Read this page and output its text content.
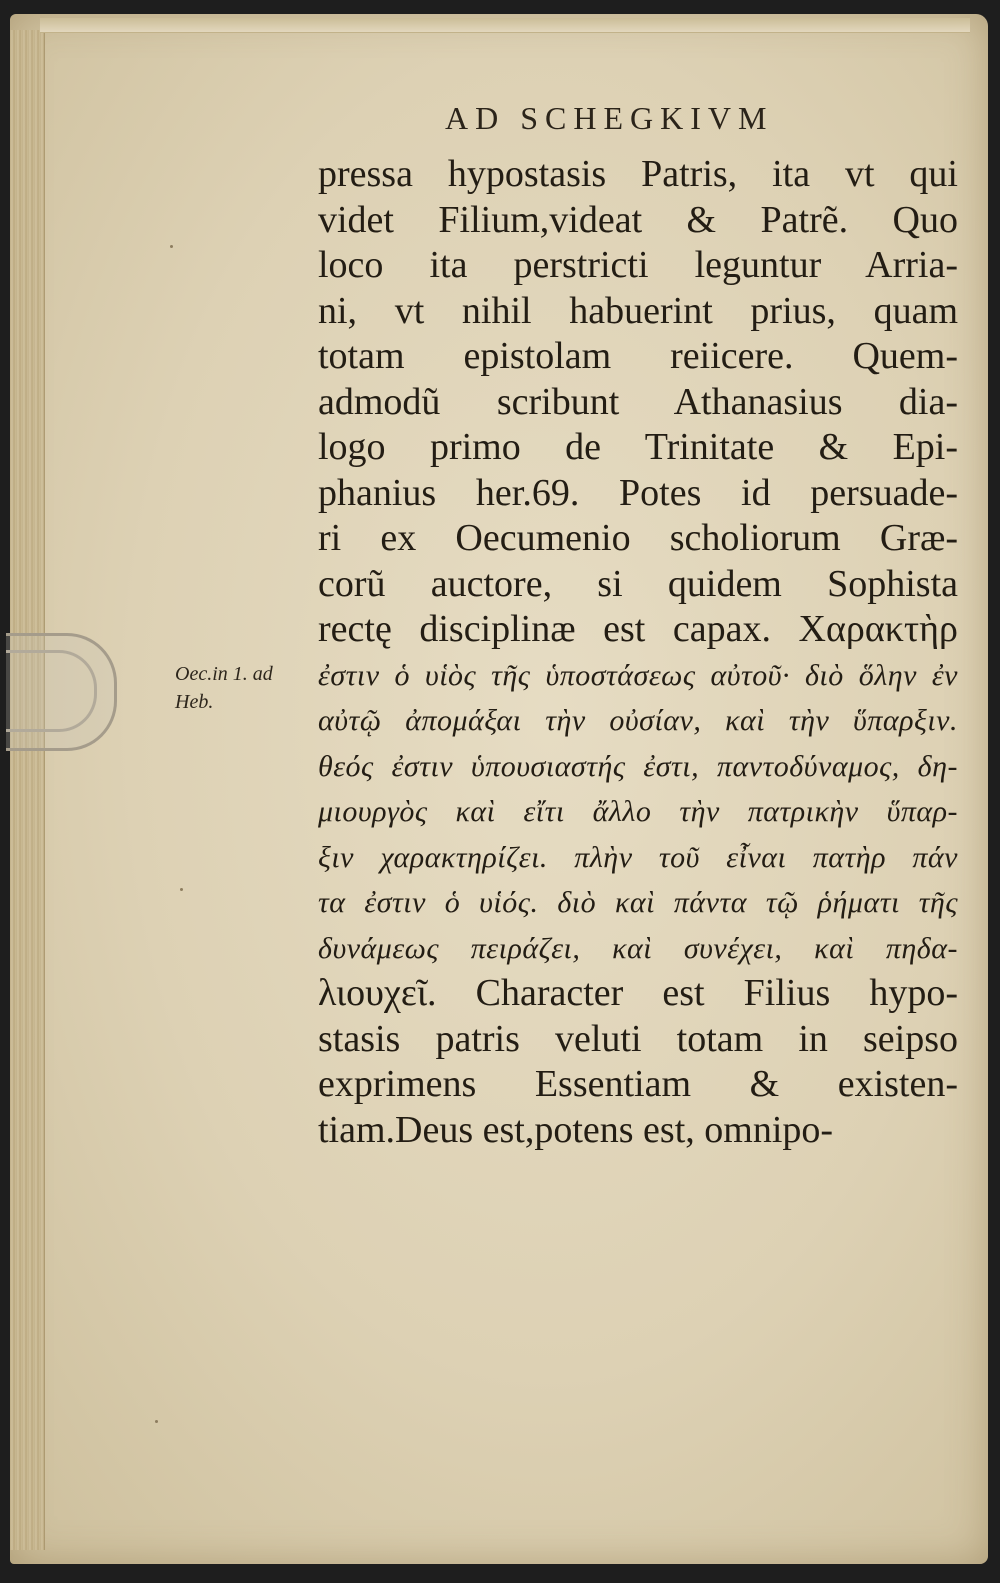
AD SCHEGKIVM
Oec.in 1. ad
Heb.
pressa hypostasis Patris, ita vt qui
videt Filium,videat & Patrẽ. Quo
loco ita perstricti leguntur Arria-
ni, vt nihil habuerint prius, quam
totam epistolam reiicere. Quem-
admodũ scribunt Athanasius dia-
logo primo de Trinitate & Epi-
phanius her.69. Potes id persuade-
ri ex Oecumenio scholiorum Græ-
corũ auctore, si quidem Sophista
rectę disciplinæ est capax. Χαρακτὴρ
ἐστιν ὁ υἱὸς τῆς ὑποστάσεως αὐτοῦ· διὸ ὅλην ἐν
αὐτῷ ἀπομάξαι τὴν οὐσίαν, καὶ τὴν ὕπαρξιν.
θεός ἐστιν ὑπουσιαστής ἐστι, παντοδύναμος, δη-
μιουργὸς καὶ εἴτι ἄλλο τὴν πατρικὴν ὕπαρ-
ξιν χαρακτηρίζει. πλὴν τοῦ εἶναι πατὴρ πάν
τα ἐστιν ὁ υἱός. διὸ καὶ πάντα τῷ ῥήματι τῆς
δυνάμεως πειράζει, καὶ συνέχει, καὶ πηδα-
λιουχεῖ. Character est Filius hypo-
stasis patris veluti totam in seipso
exprimens Essentiam & existen-
tiam.Deus est,potens est, omnipo-
